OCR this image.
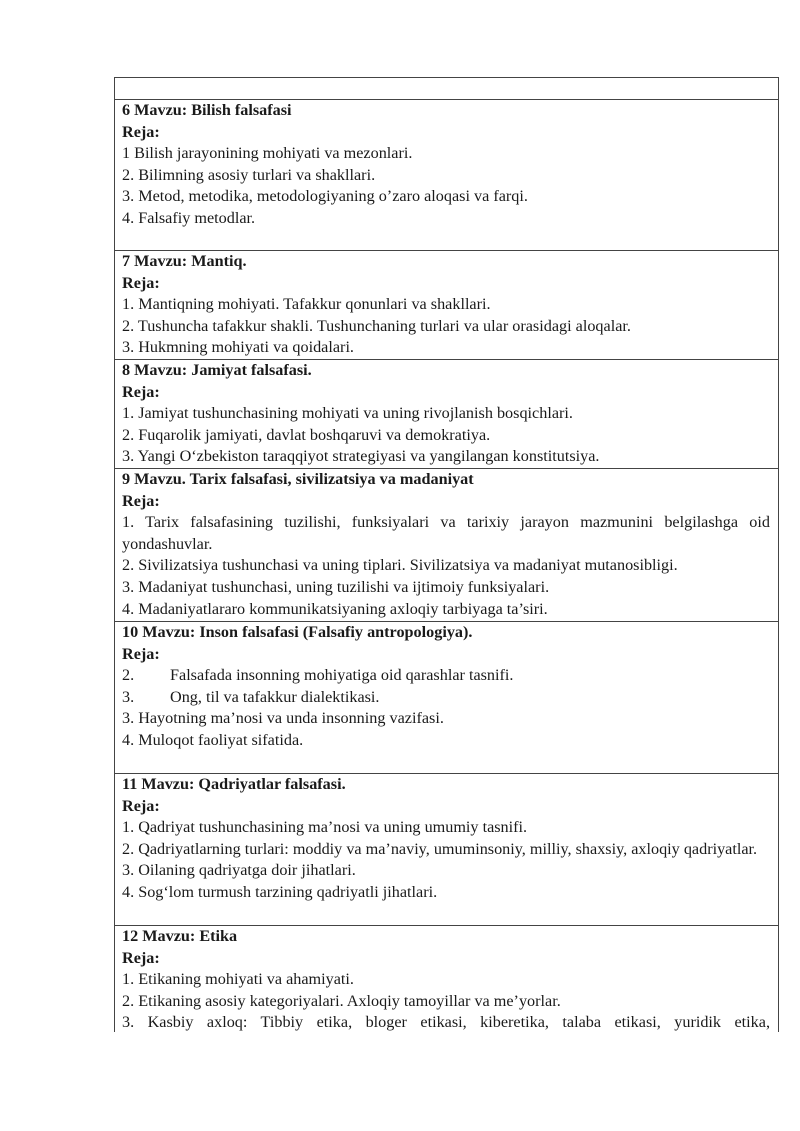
6 Mavzu: Bilish falsafasi
Reja:
1 Bilish jarayonining mohiyati va mezonlari.
2. Bilimning asosiy turlari va shakllari.
3. Metod, metodika, metodologiyaning o’zaro aloqasi va farqi.
4. Falsafiy metodlar.
7 Mavzu: Mantiq.
Reja:
1. Mantiqning mohiyati. Tafakkur qonunlari va shakllari.
2. Tushuncha tafakkur shakli. Tushunchaning turlari va ular orasidagi aloqalar.
3. Hukmning mohiyati va qoidalari.
8 Mavzu: Jamiyat falsafasi.
Reja:
1. Jamiyat tushunchasining mohiyati va uning rivojlanish bosqichlari.
2. Fuqarolik jamiyati, davlat boshqaruvi va demokratiya.
3. Yangi O‘zbekiston taraqqiyot strategiyasi va yangilangan konstitutsiya.
9 Mavzu. Tarix falsafasi, sivilizatsiya va madaniyat
Reja:
1. Tarix falsafasining tuzilishi, funksiyalari va tarixiy jarayon mazmunini belgilashga oid yondashuvlar.
2. Sivilizatsiya tushunchasi va uning tiplari. Sivilizatsiya va madaniyat mutanosibligi.
3. Madaniyat tushunchasi, uning tuzilishi va ijtimoiy funksiyalari.
4. Madaniyatlararo kommunikatsiyaning axloqiy tarbiyaga ta’siri.
10 Mavzu: Inson falsafasi (Falsafiy antropologiya).
Reja:
2. Falsafada insonning mohiyatiga oid qarashlar tasnifi.
3. Ong, til va tafakkur dialektikasi.
3. Hayotning ma’nosi va unda insonning vazifasi.
4. Muloqot faoliyat sifatida.
11 Mavzu: Qadriyatlar falsafasi.
Reja:
1. Qadriyat tushunchasining ma’nosi va uning umumiy tasnifi.
2. Qadriyatlarning turlari: moddiy va ma’naviy, umuminsoniy, milliy, shaxsiy, axloqiy qadriyatlar.
3. Oilaning qadriyatga doir jihatlari.
4. Sog‘lom turmush tarzining qadriyatli jihatlari.
12 Mavzu: Etika
Reja:
1. Etikaning mohiyati va ahamiyati.
2. Etikaning asosiy kategoriyalari. Axloqiy tamoyillar va me’yorlar.
3. Kasbiy axloq: Tibbiy etika, bloger etikasi, kiberetika, talaba etikasi, yuridik etika,
